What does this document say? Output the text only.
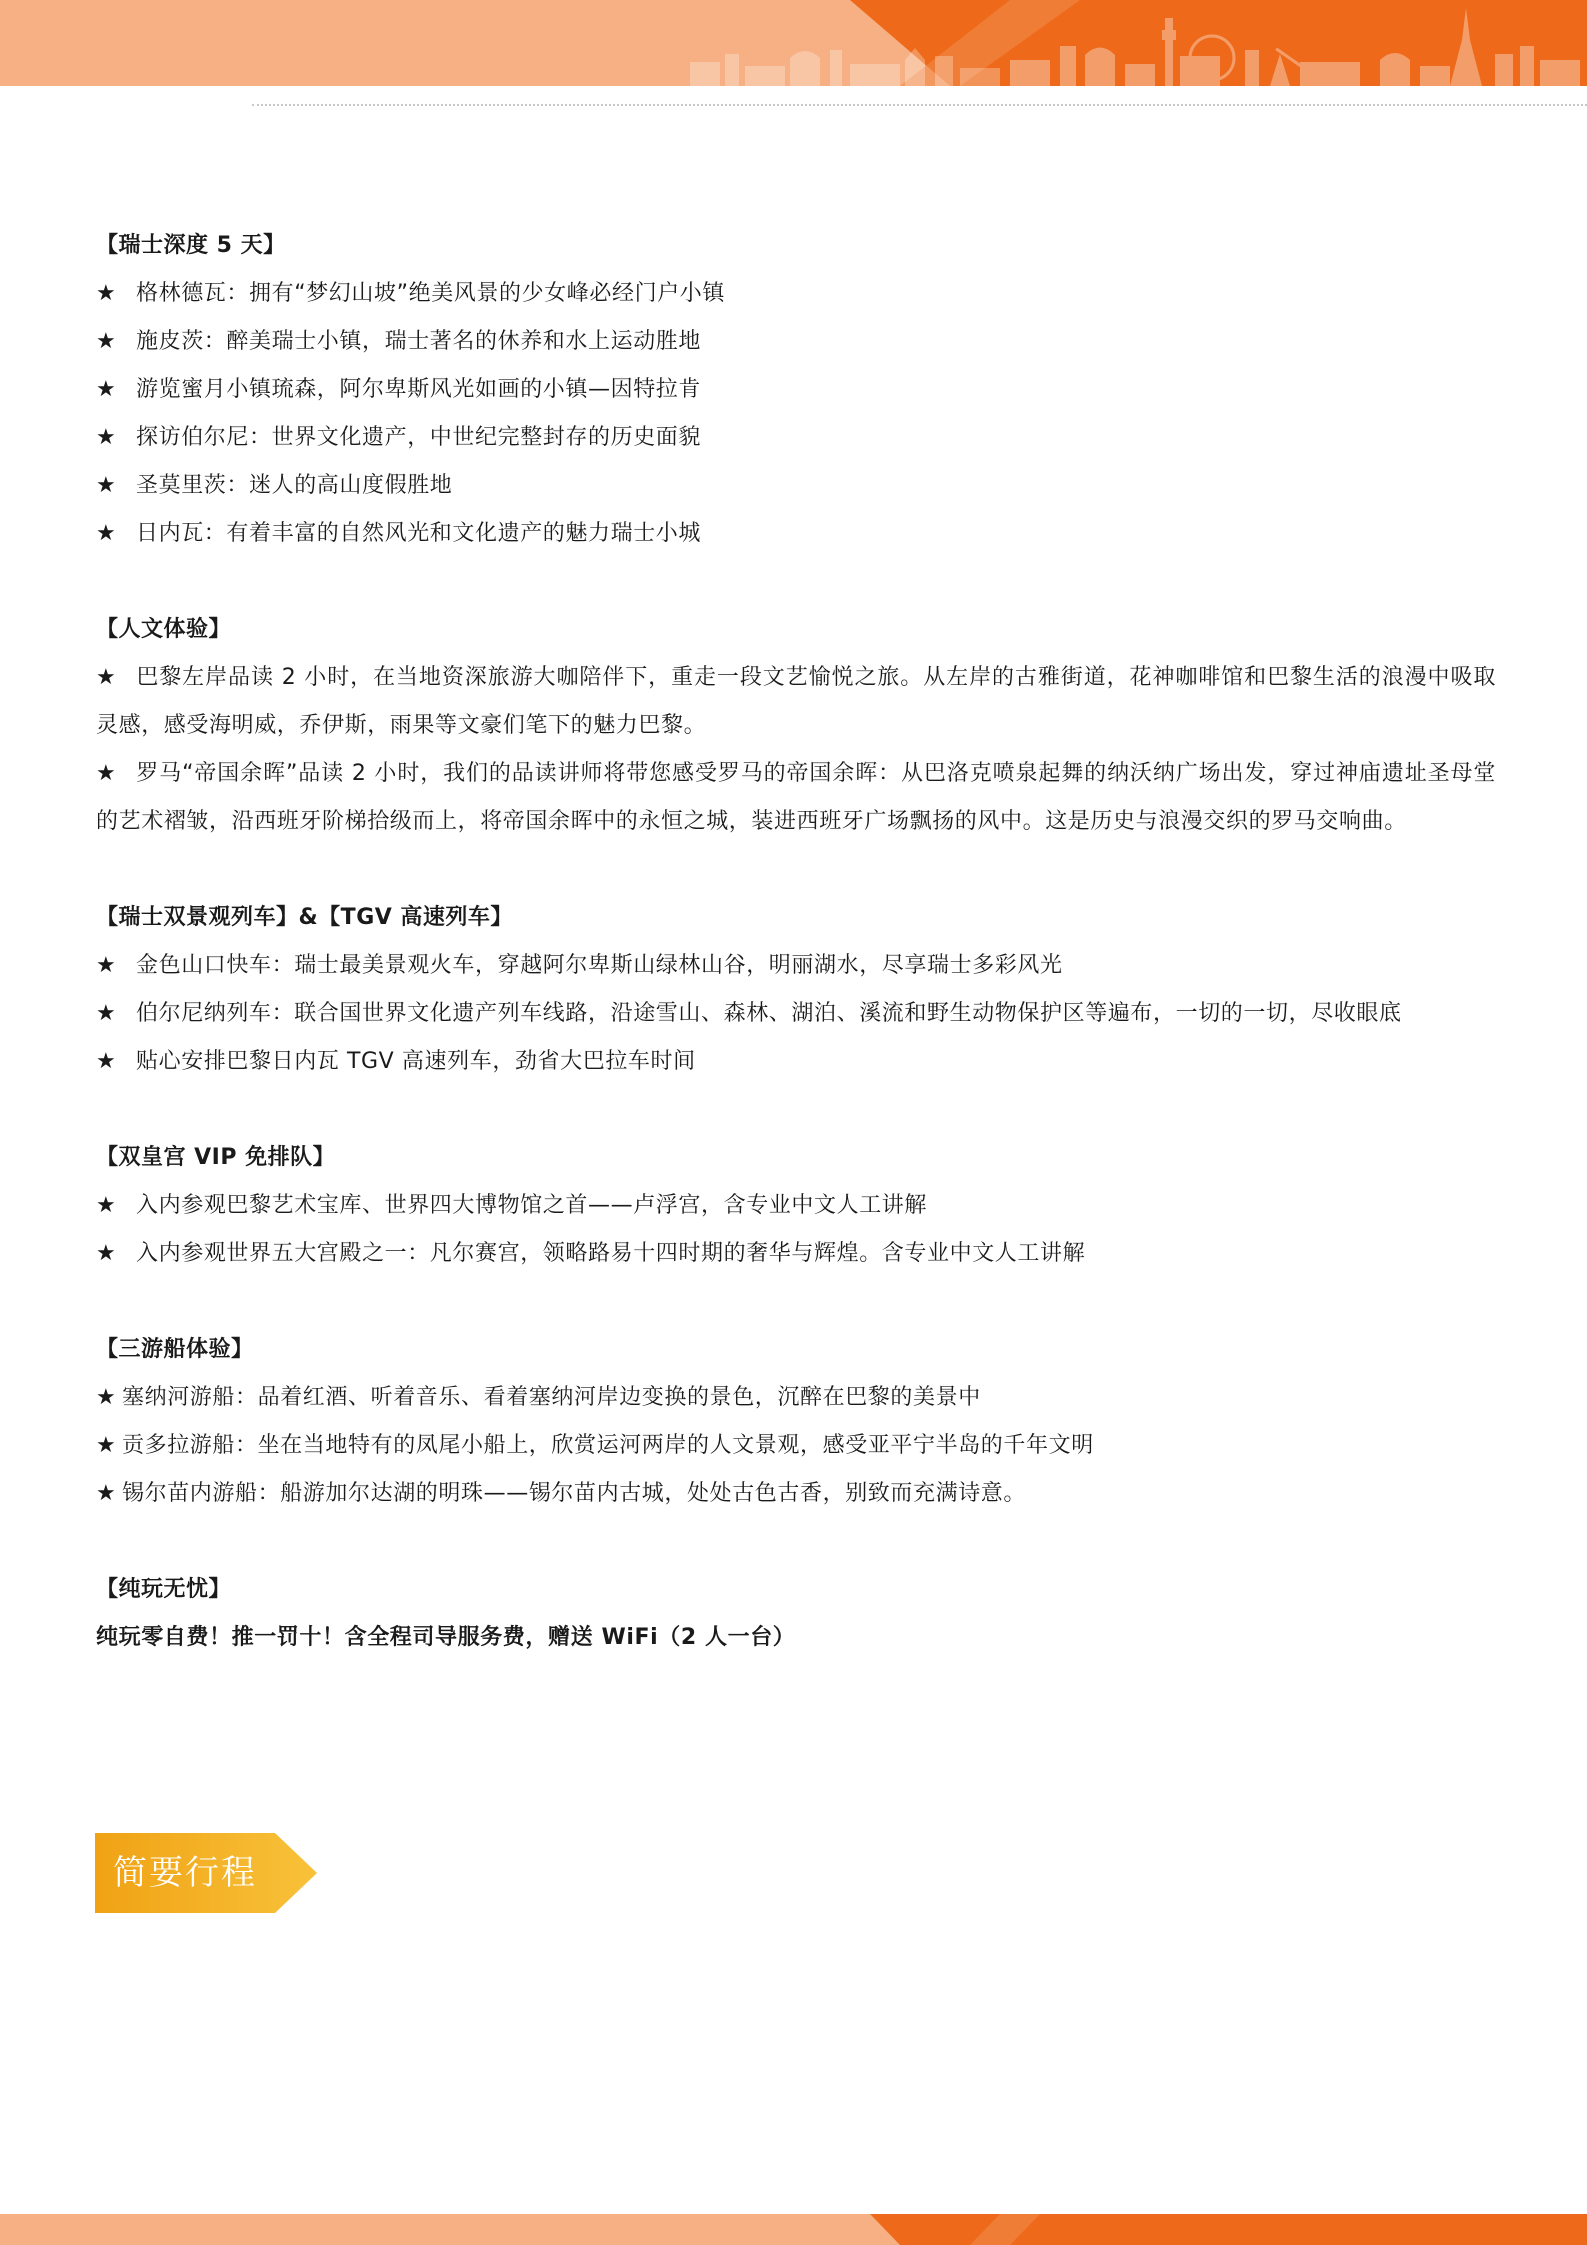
【瑞士深度 5 天】
★ 格林德瓦：拥有“梦幻山坡”绝美风景的少女峰必经门户小镇
★ 施皮茨：醉美瑞士小镇，瑞士著名的休养和水上运动胜地
★ 游览蜜月小镇琉森，阿尔卑斯风光如画的小镇—因特拉肯
★ 探访伯尔尼：世界文化遗产，中世纪完整封存的历史面貌
★ 圣莫里茨：迷人的高山度假胜地
★ 日内瓦：有着丰富的自然风光和文化遗产的魅力瑞士小城
【人文体验】
★ 巴黎左岸品读 2 小时，在当地资深旅游大咖陪伴下，重走一段文艺愉悦之旅。从左岸的古雅街道，花神咖啡馆和巴黎生活的浪漫中吸取灵感，感受海明威，乔伊斯，雨果等文豪们笔下的魅力巴黎。
★ 罗马“帝国余晖”品读 2 小时，我们的品读讲师将带您感受罗马的帝国余晖：从巴洛克喷泉起舞的纳沃纳广场出发，穿过神庙遗址圣母堂的艺术褶皱，沿西班牙阶梯拾级而上，将帝国余晖中的永恒之城，装进西班牙广场飘扬的风中。这是历史与浪漫交织的罗马交响曲。
【瑞士双景观列车】&【TGV 高速列车】
★ 金色山口快车：瑞士最美景观火车，穿越阿尔卑斯山绿林山谷，明丽湖水，尽享瑞士多彩风光
★ 伯尔尼纳列车：联合国世界文化遗产列车线路，沿途雪山、森林、湖泊、溪流和野生动物保护区等遍布，一切的一切，尽收眼底
★ 贴心安排巴黎日内瓦 TGV 高速列车，劲省大巴拉车时间
【双皇宫 VIP 免排队】
★ 入内参观巴黎艺术宝库、世界四大博物馆之首——卢浮宫，含专业中文人工讲解
★ 入内参观世界五大宫殿之一：凡尔赛宫，领略路易十四时期的奢华与辉煌。含专业中文人工讲解
【三游船体验】
★ 塞纳河游船：品着红酒、听着音乐、看着塞纳河岸边变换的景色，沉醉在巴黎的美景中
★ 贡多拉游船：坐在当地特有的凤尾小船上，欣赏运河两岸的人文景观，感受亚平宁半岛的千年文明
★ 锡尔苗内游船：船游加尔达湖的明珠——锡尔苗内古城，处处古色古香，别致而充满诗意。
【纯玩无忧】
纯玩零自费！推一罚十！含全程司导服务费，赠送 WiFi（2 人一台）
简要行程
